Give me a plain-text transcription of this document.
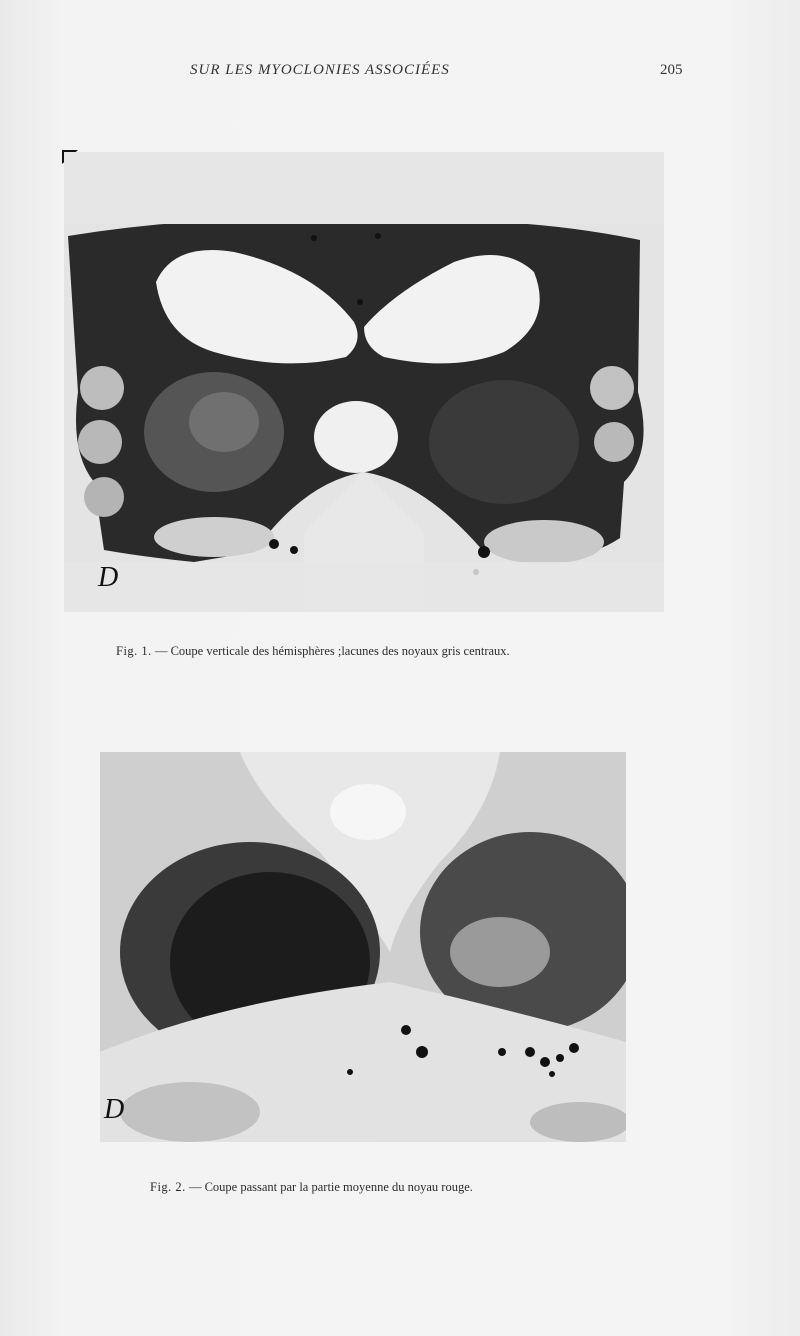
SUR LES MYOCLONIES ASSOCIÉES	205
D
Fig. 1. — Coupe verticale des hémisphères ;lacunes des noyaux gris centraux.
D
Fig. 2. — Coupe passant par la partie moyenne du noyau rouge.
